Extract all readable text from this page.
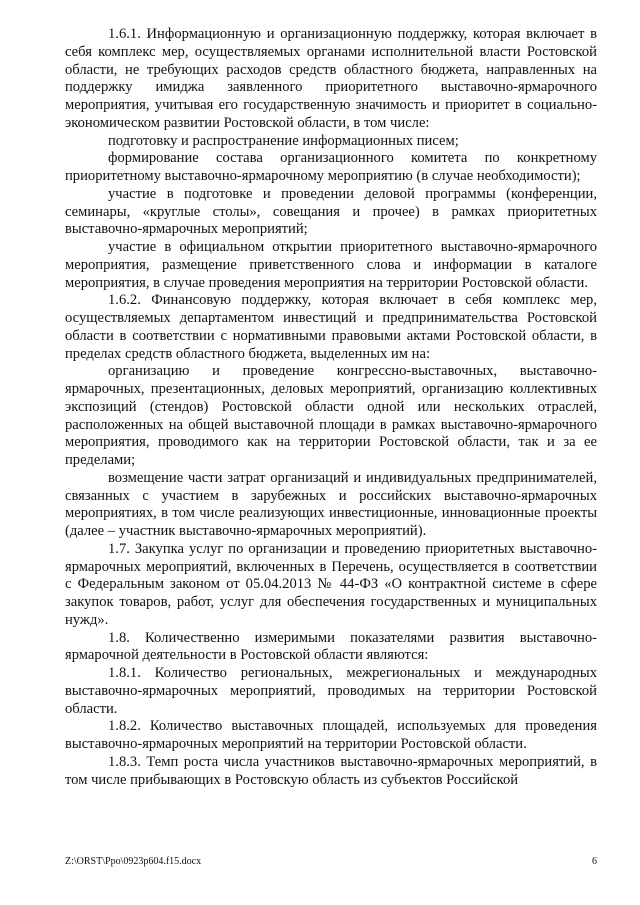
1.6.1. Информационную и организационную поддержку, которая включает в себя комплекс мер, осуществляемых органами исполнительной власти Ростовской области, не требующих расходов средств областного бюджета, направленных на поддержку имиджа заявленного приоритетного выставочно-ярмарочного мероприятия, учитывая его государственную значимость и приоритет в социально-экономическом развитии Ростовской области, в том числе:

подготовку и распространение информационных писем;

формирование состава организационного комитета по конкретному приоритетному выставочно-ярмарочному мероприятию (в случае необходимости);

участие в подготовке и проведении деловой программы (конференции, семинары, «круглые столы», совещания и прочее) в рамках приоритетных выставочно-ярмарочных мероприятий;

участие в официальном открытии приоритетного выставочно-ярмарочного мероприятия, размещение приветственного слова и информации в каталоге мероприятия, в случае проведения мероприятия на территории Ростовской области.

1.6.2. Финансовую поддержку, которая включает в себя комплекс мер, осуществляемых департаментом инвестиций и предпринимательства Ростовской области в соответствии с нормативными правовыми актами Ростовской области, в пределах средств областного бюджета, выделенных им на:

организацию и проведение конгрессно-выставочных, выставочно-ярмарочных, презентационных, деловых мероприятий, организацию коллективных экспозиций (стендов) Ростовской области одной или нескольких отраслей, расположенных на общей выставочной площади в рамках выставочно-ярмарочного мероприятия, проводимого как на территории Ростовской области, так и за ее пределами;

возмещение части затрат организаций и индивидуальных предпринимателей, связанных с участием в зарубежных и российских выставочно-ярмарочных мероприятиях, в том числе реализующих инвестиционные, инновационные проекты (далее – участник выставочно-ярмарочных мероприятий).

1.7. Закупка услуг по организации и проведению приоритетных выставочно-ярмарочных мероприятий, включенных в Перечень, осуществляется в соответствии с Федеральным законом от 05.04.2013 № 44-ФЗ «О контрактной системе в сфере закупок товаров, работ, услуг для обеспечения государственных и муниципальных нужд».

1.8. Количественно измеримыми показателями развития выставочно-ярмарочной деятельности в Ростовской области являются:

1.8.1. Количество региональных, межрегиональных и международных выставочно-ярмарочных мероприятий, проводимых на территории Ростовской области.

1.8.2. Количество выставочных площадей, используемых для проведения выставочно-ярмарочных мероприятий на территории Ростовской области.

1.8.3. Темп роста числа участников выставочно-ярмарочных мероприятий, в том числе прибывающих в Ростовскую область из субъектов Российской

Z:\ORST\Ppo\0923p604.f15.docx	6
